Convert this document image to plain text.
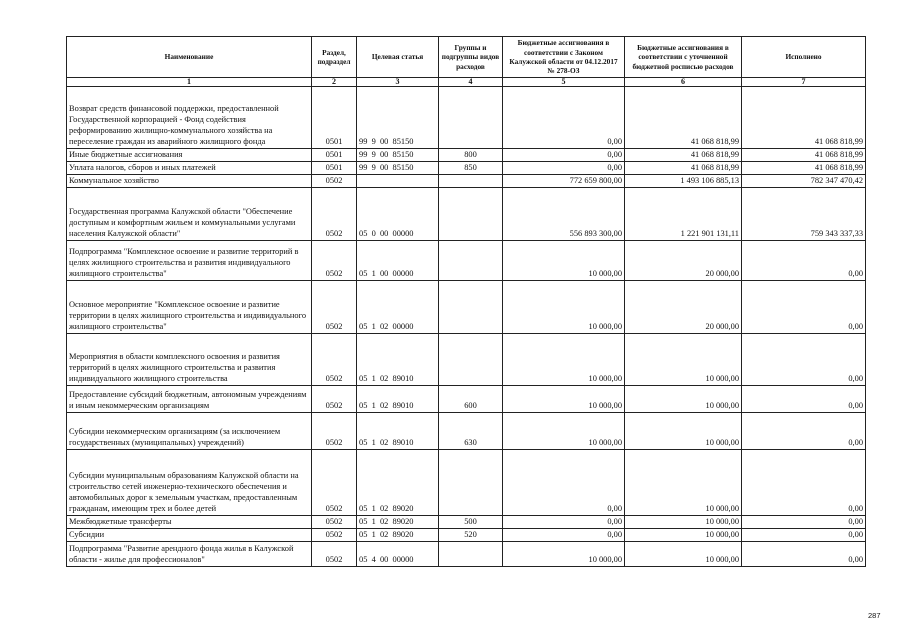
Наименование	Раздел, подраздел	Целевая статья	Группы и подгруппы видов расходов	Бюджетные ассигнования в соответствии с Законом Калужской области от 04.12.2017 № 278-ОЗ	Бюджетные ассигнования в соответствии с уточненной бюджетной росписью расходов	Исполнено
1	2	3	4	5	6	7
Возврат средств финансовой поддержки, предоставленной Государственной корпорацией - Фонд содействия реформированию жилищно-коммунального хозяйства на переселение граждан из аварийного жилищного фонда	0501	99  9  00  85150		0,00	41 068 818,99	41 068 818,99
Иные бюджетные ассигнования	0501	99  9  00  85150	800	0,00	41 068 818,99	41 068 818,99
Уплата налогов, сборов и иных платежей	0501	99  9  00  85150	850	0,00	41 068 818,99	41 068 818,99
Коммунальное хозяйство	0502			772 659 800,00	1 493 106 885,13	782 347 470,42
Государственная программа Калужской области "Обеспечение доступным и комфортным жильем и коммунальными услугами населения Калужской области"	0502	05  0  00  00000		556 893 300,00	1 221 901 131,11	759 343 337,33
Подпрограмма "Комплексное освоение и развитие территорий в целях жилищного строительства и развития индивидуального жилищного строительства"	0502	05  1  00  00000		10 000,00	20 000,00	0,00
Основное мероприятие "Комплексное освоение и развитие территории в целях жилищного строительства и индивидуального жилищного строительства"	0502	05  1  02  00000		10 000,00	20 000,00	0,00
Мероприятия в области комплексного освоения и развития территорий в целях жилищного строительства и развития индивидуального жилищного строительства	0502	05  1  02  89010		10 000,00	10 000,00	0,00
Предоставление субсидий бюджетным, автономным учреждениям и иным некоммерческим организациям	0502	05  1  02  89010	600	10 000,00	10 000,00	0,00
Субсидии некоммерческим организациям (за исключением государственных (муниципальных) учреждений)	0502	05  1  02  89010	630	10 000,00	10 000,00	0,00
Субсидии муниципальным образованиям Калужской области на строительство сетей инженерно-технического обеспечения и автомобильных дорог к земельным участкам, предоставленным гражданам, имеющим трех и более детей	0502	05  1  02  89020		0,00	10 000,00	0,00
Межбюджетные трансферты	0502	05  1  02  89020	500	0,00	10 000,00	0,00
Субсидии	0502	05  1  02  89020	520	0,00	10 000,00	0,00
Подпрограмма "Развитие арендного фонда жилья в Калужской области - жилье для профессионалов"	0502	05  4  00  00000		10 000,00	10 000,00	0,00
287
